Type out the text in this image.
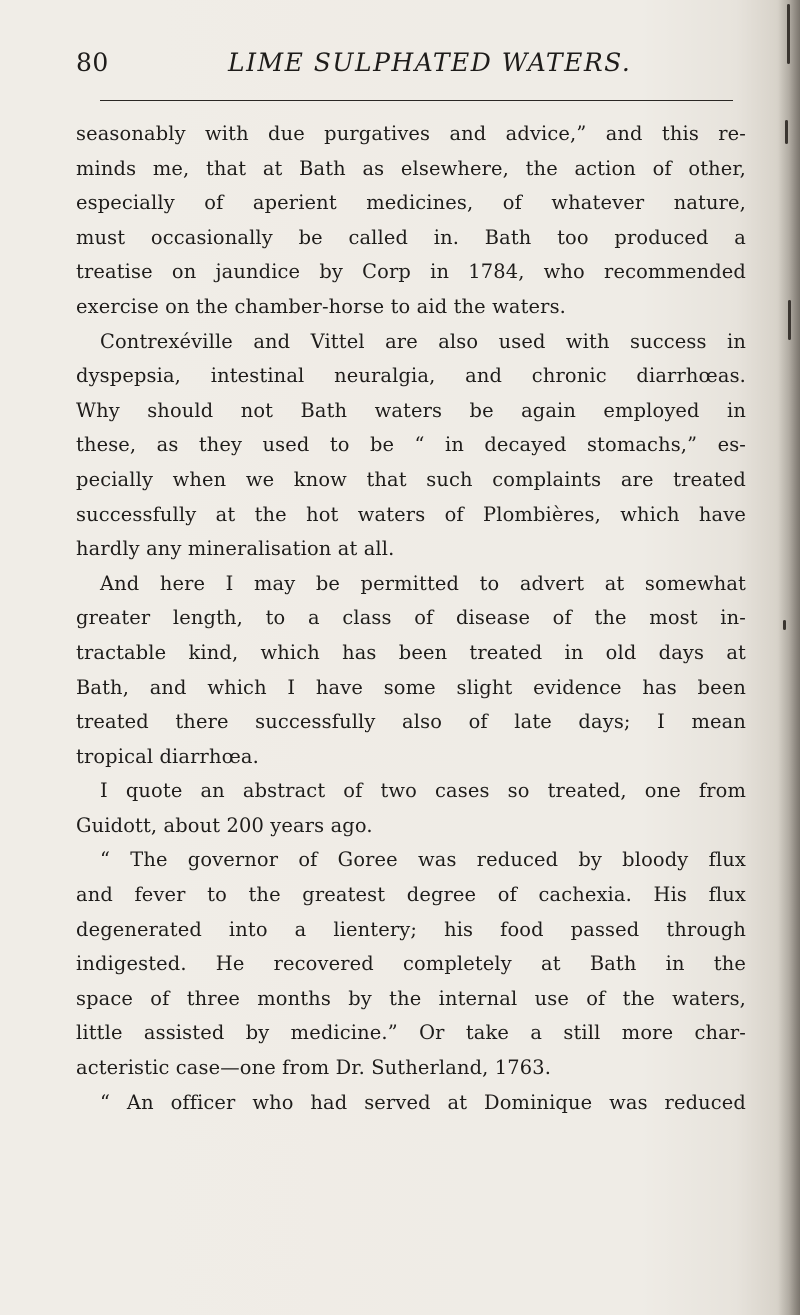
80	LIME SULPHATED WATERS.
seasonably with due purgatives and advice,” and this re-
minds me, that at Bath as elsewhere, the action of other,
especially of aperient medicines, of whatever nature,
must occasionally be called in. Bath too produced a
treatise on jaundice by Corp in 1784, who recommended
exercise on the chamber-horse to aid the waters.
Contrexéville and Vittel are also used with success in
dyspepsia, intestinal neuralgia, and chronic diarrhœas.
Why should not Bath waters be again employed in
these, as they used to be “ in decayed stomachs,” es-
pecially when we know that such complaints are treated
successfully at the hot waters of Plombières, which have
hardly any mineralisation at all.
And here I may be permitted to advert at somewhat
greater length, to a class of disease of the most in-
tractable kind, which has been treated in old days at
Bath, and which I have some slight evidence has been
treated there successfully also of late days; I mean
tropical diarrhœa.
I quote an abstract of two cases so treated, one from
Guidott, about 200 years ago.
“ The governor of Goree was reduced by bloody flux
and fever to the greatest degree of cachexia. His flux
degenerated into a lientery; his food passed through
indigested. He recovered completely at Bath in the
space of three months by the internal use of the waters,
little assisted by medicine.” Or take a still more char-
acteristic case—one from Dr. Sutherland, 1763.
“ An officer who had served at Dominique was reduced
